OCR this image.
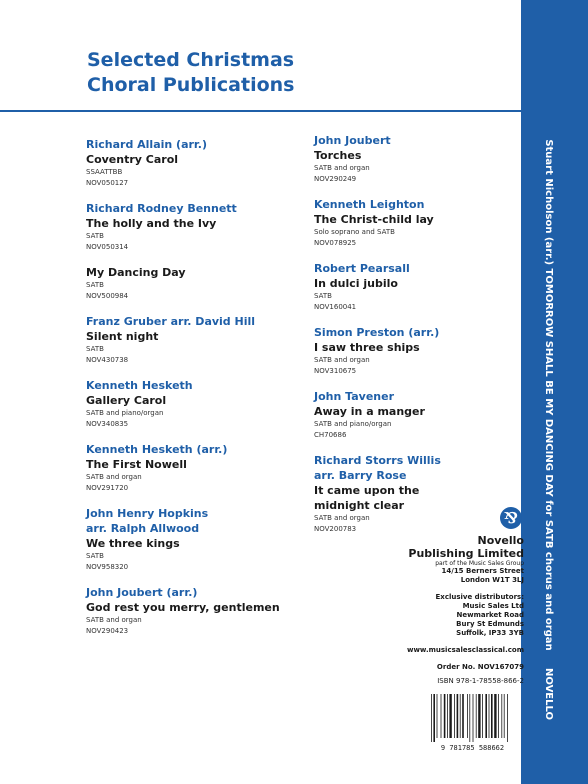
Selected Christmas
Choral Publications
Stuart Nicholson (arr.) TOMORROW SHALL BE MY DANCING DAY for SATB chorus and organ
NOVELLO
Richard Allain (arr.)
Coventry Carol
SSAATTBB
NOV050127
Richard Rodney Bennett
The holly and the Ivy
SATB
NOV050314
My Dancing Day
SATB
NOV500984
Franz Gruber arr. David Hill
Silent night
SATB
NOV430738
Kenneth Hesketh
Gallery Carol
SATB and piano/organ
NOV340835
Kenneth Hesketh (arr.)
The First Nowell
SATB and organ
NOV291720
John Henry Hopkins
arr. Ralph Allwood
We three kings
SATB
NOV958320
John Joubert (arr.)
God rest you merry, gentlemen
SATB and organ
NOV290423
John Joubert
Torches
SATB and organ
NOV290249
Kenneth Leighton
The Christ-child lay
Solo soprano and SATB
NOV078925
Robert Pearsall
In dulci jubilo
SATB
NOV160041
Simon Preston (arr.)
I saw three ships
SATB and organ
NOV310675
John Tavener
Away in a manger
SATB and piano/organ
CH70686
Richard Storrs Willis
arr. Barry Rose
It came upon the
midnight clear
SATB and organ
NOV200783
⅋
Novello
Publishing Limited
part of the Music Sales Group
14/15 Berners Street
London W1T 3LJ
Exclusive distributors:
Music Sales Ltd
Newmarket Road
Bury St Edmunds
Suffolk, IP33 3YB
www.musicsalesclassical.com
Order No. NOV167079
ISBN 978-1-78558-866-2
9 781785 588662
